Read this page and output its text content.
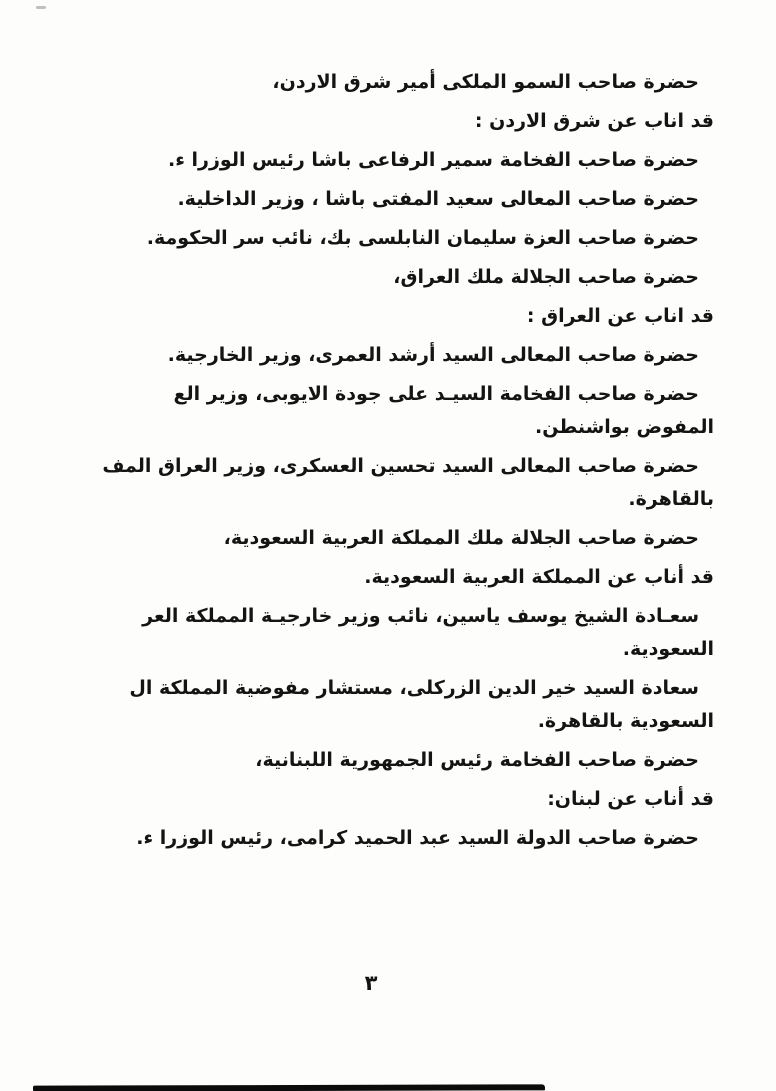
حضرة صاحب السمو الملكى أمير شرق الاردن،
قد اناب عن شرق الاردن :
حضرة صاحب الفخامة سمير الرفاعى باشا رئيس الوزرا ء.
حضرة صاحب المعالى سعيد المفتى باشا ، وزير الداخلية.
حضرة صاحب العزة سليمان النابلسى بك، نائب سر الحكومة.
حضرة صاحب الجلالة ملك العراق،
قد اناب عن العراق :
حضرة صاحب المعالى السيد أرشد العمرى، وزير الخارجية.
حضرة صاحب الفخامة السيـد على جودة الايوبى، وزير الع
المفوض بواشنطن.
حضرة صاحب المعالى السيد تحسين العسكرى، وزير العراق المف
بالقاهرة.
حضرة صاحب الجلالة ملك المملكة العربية السعودية،
قد أناب عن المملكة العربية السعودية.
سعـادة الشيخ يوسف ياسين، نائب وزير خارجيـة المملكة العر
السعودية.
سعادة السيد خير الدين الزركلى، مستشار مفوضية المملكة ال
السعودية بالقاهرة.
حضرة صاحب الفخامة رئيس الجمهورية اللبنانية،
قد أناب عن لبنان:
حضرة صاحب الدولة السيد عبد الحميد كرامى، رئيس الوزرا ء.
٣
